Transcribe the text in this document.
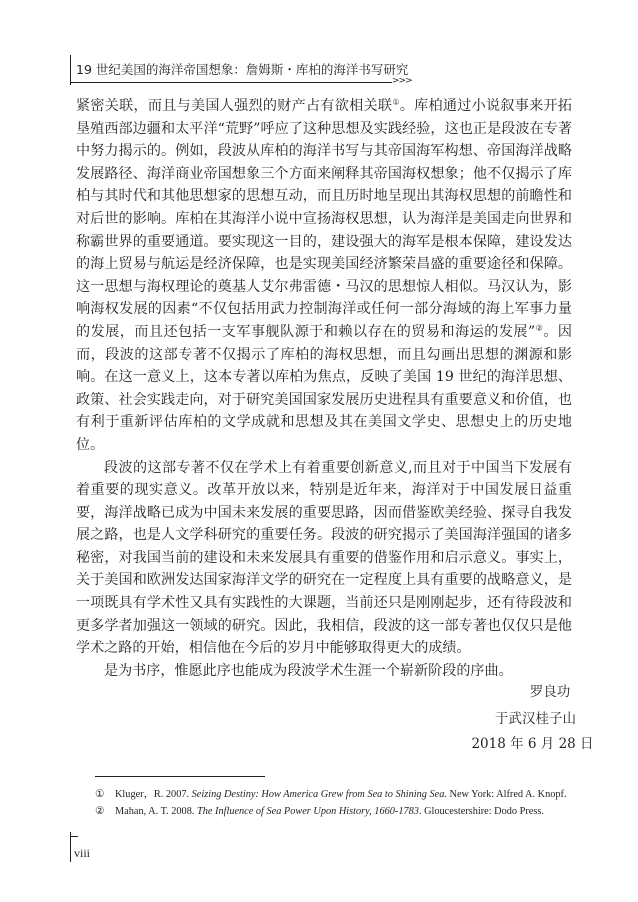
19 世纪美国的海洋帝国想象：詹姆斯・库柏的海洋书写研究
>>>

紧密关联，而且与美国人强烈的财产占有欲相关联①。库柏通过小说叙事来开拓垦殖西部边疆和太平洋“荒野”呼应了这种思想及实践经验，这也正是段波在专著中努力揭示的。例如，段波从库柏的海洋书写与其帝国海军构想、帝国海洋战略发展路径、海洋商业帝国想象三个方面来阐释其帝国海权想象；他不仅揭示了库柏与其时代和其他思想家的思想互动，而且历时地呈现出其海权思想的前瞻性和对后世的影响。库柏在其海洋小说中宣扬海权思想，认为海洋是美国走向世界和称霸世界的重要通道。要实现这一目的，建设强大的海军是根本保障，建设发达的海上贸易与航运是经济保障，也是实现美国经济繁荣昌盛的重要途径和保障。这一思想与海权理论的奠基人艾尔弗雷德・马汉的思想惊人相似。马汉认为，影响海权发展的因素“不仅包括用武力控制海洋或任何一部分海域的海上军事力量的发展，而且还包括一支军事舰队源于和赖以存在的贸易和海运的发展”②。因而，段波的这部专著不仅揭示了库柏的海权思想，而且勾画出思想的渊源和影响。在这一意义上，这本专著以库柏为焦点，反映了美国 19 世纪的海洋思想、政策、社会实践走向，对于研究美国国家发展历史进程具有重要意义和价值，也有利于重新评估库柏的文学成就和思想及其在美国文学史、思想史上的历史地位。

段波的这部专著不仅在学术上有着重要创新意义,而且对于中国当下发展有着重要的现实意义。改革开放以来，特别是近年来，海洋对于中国发展日益重要，海洋战略已成为中国未来发展的重要思路，因而借鉴欧美经验、探寻自我发展之路，也是人文学科研究的重要任务。段波的研究揭示了美国海洋强国的诸多秘密，对我国当前的建设和未来发展具有重要的借鉴作用和启示意义。事实上，关于美国和欧洲发达国家海洋文学的研究在一定程度上具有重要的战略意义，是一项既具有学术性又具有实践性的大课题，当前还只是刚刚起步，还有待段波和更多学者加强这一领域的研究。因此，我相信，段波的这一部专著也仅仅只是他学术之路的开始，相信他在今后的岁月中能够取得更大的成绩。

是为书序，惟愿此序也能成为段波学术生涯一个崭新阶段的序曲。

罗良功
于武汉桂子山
2018 年 6 月 28 日
① Kluger，R. 2007. Seizing Destiny: How America Grew from Sea to Shining Sea. New York: Alfred A. Knopf.
② Mahan, A. T. 2008. The Influence of Sea Power Upon History, 1660-1783. Gloucestershire: Dodo Press.
viii
